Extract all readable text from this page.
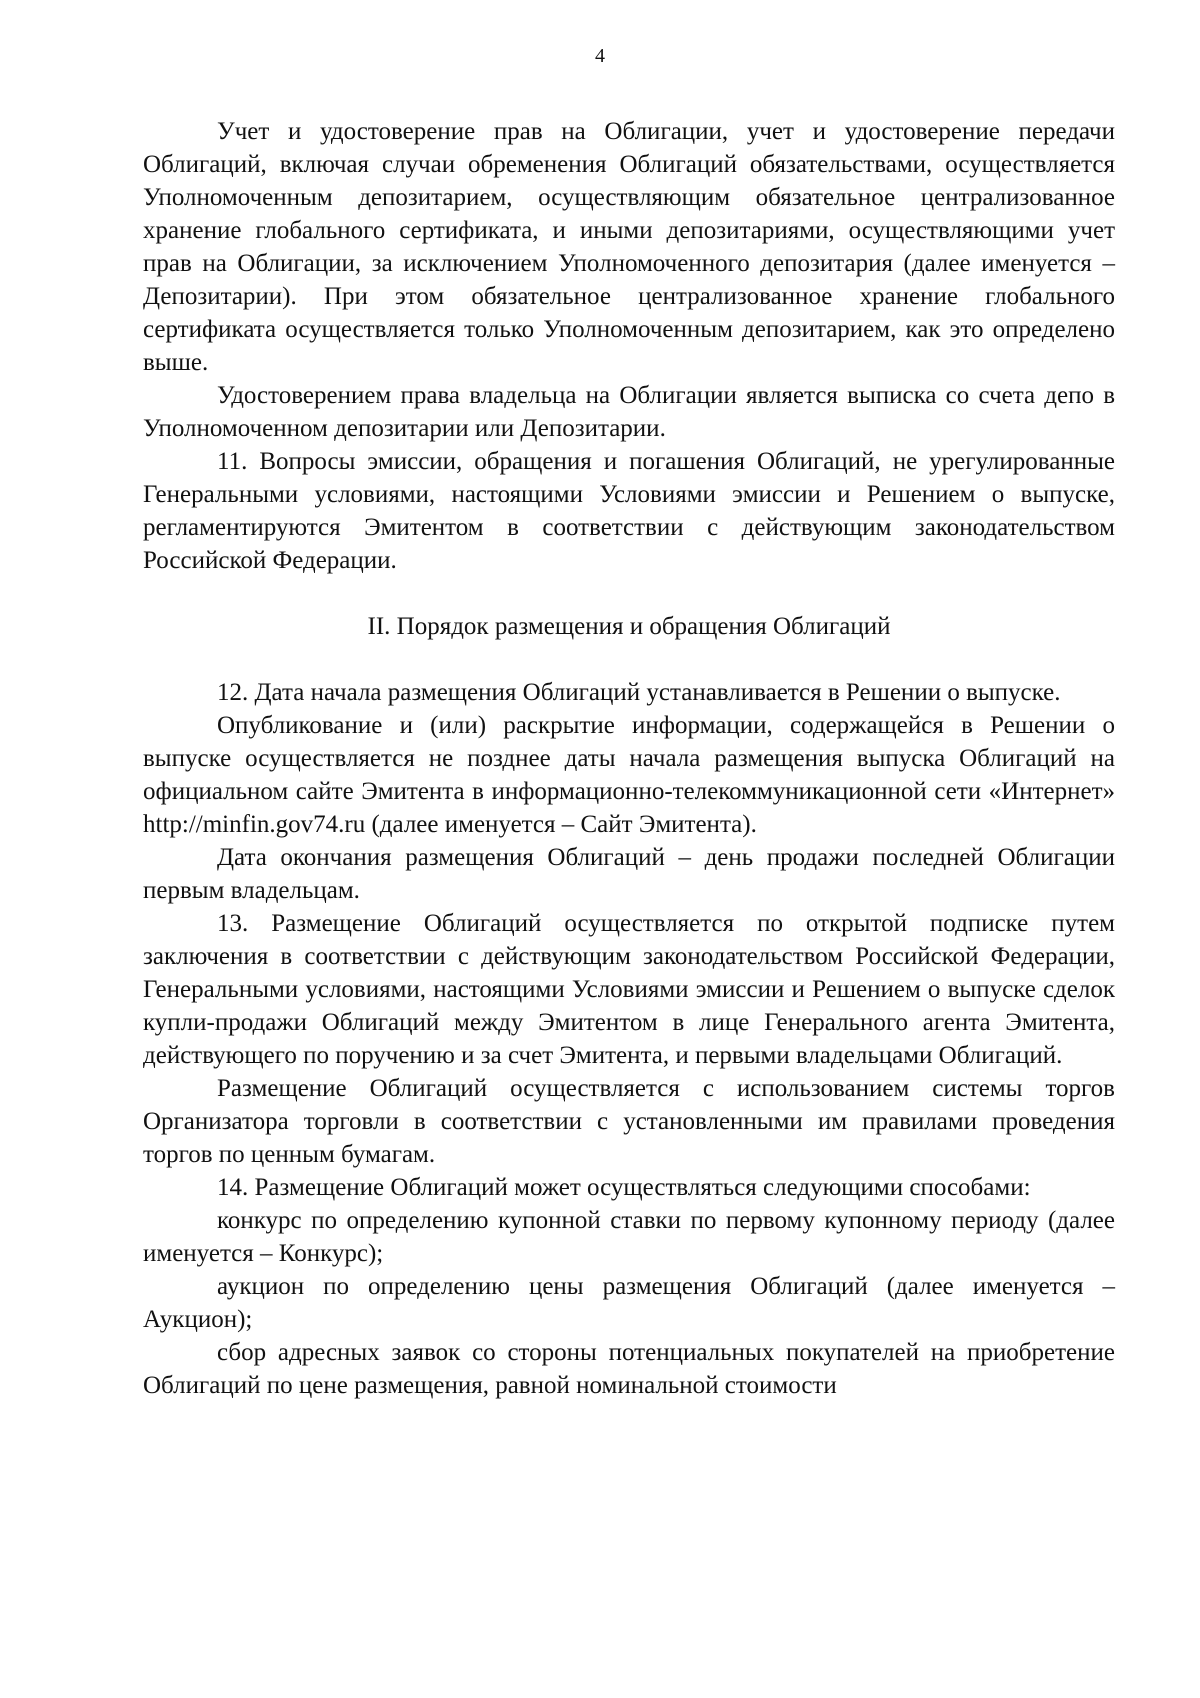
4

Учет и удостоверение прав на Облигации, учет и удостоверение передачи Облигаций, включая случаи обременения Облигаций обязательствами, осуществляется Уполномоченным депозитарием, осуществляющим обязательное централизованное хранение глобального сертификата, и иными депозитариями, осуществляющими учет прав на Облигации, за исключением Уполномоченного депозитария (далее именуется – Депозитарии). При этом обязательное централизованное хранение глобального сертификата осуществляется только Уполномоченным депозитарием, как это определено выше.

Удостоверением права владельца на Облигации является выписка со счета депо в Уполномоченном депозитарии или Депозитарии.

11. Вопросы эмиссии, обращения и погашения Облигаций, не урегулированные Генеральными условиями, настоящими Условиями эмиссии и Решением о выпуске, регламентируются Эмитентом в соответствии с действующим законодательством Российской Федерации.

II. Порядок размещения и обращения Облигаций

12. Дата начала размещения Облигаций устанавливается в Решении о выпуске.

Опубликование и (или) раскрытие информации, содержащейся в Решении о выпуске осуществляется не позднее даты начала размещения выпуска Облигаций на официальном сайте Эмитента в информационно-телекоммуникационной сети «Интернет» http://minfin.gov74.ru (далее именуется – Сайт Эмитента).

Дата окончания размещения Облигаций – день продажи последней Облигации первым владельцам.

13. Размещение Облигаций осуществляется по открытой подписке путем заключения в соответствии с действующим законодательством Российской Федерации, Генеральными условиями, настоящими Условиями эмиссии и Решением о выпуске сделок купли-продажи Облигаций между Эмитентом в лице Генерального агента Эмитента, действующего по поручению и за счет Эмитента, и первыми владельцами Облигаций.

Размещение Облигаций осуществляется с использованием системы торгов Организатора торговли в соответствии с установленными им правилами проведения торгов по ценным бумагам.

14. Размещение Облигаций может осуществляться следующими способами:

конкурс по определению купонной ставки по первому купонному периоду (далее именуется – Конкурс);

аукцион по определению цены размещения Облигаций (далее именуется – Аукцион);

сбор адресных заявок со стороны потенциальных покупателей на приобретение Облигаций по цене размещения, равной номинальной стоимости
